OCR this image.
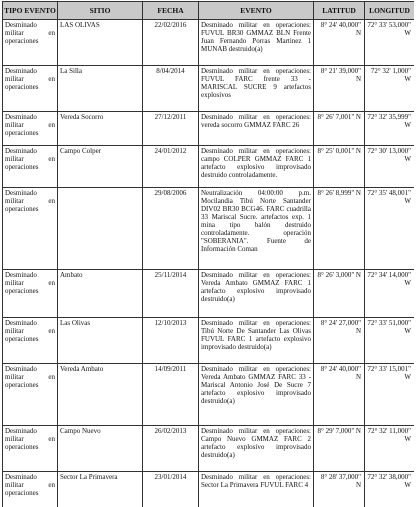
TIPO EVENTO	SITIO	FECHA	EVENTO	LATITUD	LONGITUD
Desminado militar en operaciones	LAS OLIVAS	22/02/2016	Desminado militar en operaciones: FUVUL BR30 GMMAZ BLN Frente Juan Fernando Porras Martinez 1 MUNAB destruido(a)	8° 24' 40,000" N	72° 33' 53,000" W
Desminado militar en operaciones	La Silla	8/04/2014	Desminado militar en operaciones: FUVUL FARC frente 33 - MARISCAL SUCRE 9 artefactos explosivos	8° 21' 39,000" N	72° 32' 1,000" W
Desminado militar en operaciones	Vereda Socorro	27/12/2011	Desminado militar en operaciones: vereda socorro GMMAZ FARC 26	8° 26' 7,001" N	72° 32' 35,999" W
Desminado militar en operaciones	Campo Colper	24/01/2012	Desminado militar en operaciones: campo COLPER GMMAZ FARC 1 artefacto explosivo improvisado destruido controladamente.	8° 25' 0,001" N	72° 30' 13,000" W
Desminado militar en operaciones		29/08/2006	Neutralización 04:00:00 p.m. Mocilandia Tibú Norte Santander DIV02 BR30 BCG46. FARC cuadrilla 33 Mariscal Sucre. artefactos exp. 1 mina tipo balón destruido controladamente. operación "SOBERANIA". Fuente de Información Coman	8° 26' 8,999" N	72° 35' 48,001" W
Desminado militar en operaciones	Ambato	25/11/2014	Desminado militar en operaciones: Vereda Ambato GMMAZ FARC 1 artefacto explosivo improvisado destruido(a)	8° 26' 3,000" N	72° 34' 14,000" W
Desminado militar en operaciones	Las Olivas	12/10/2013	Desminado militar en operaciones: Tibú Norte De Santander Las Olivas FUVUL FARC 1 artefacto explosivo improvisado destruido(a)	8° 24' 27,000" N	72° 33' 51,000" W
Desminado militar en operaciones	Vereda Ambato	14/09/2011	Desminado militar en operaciones: Vereda Ambato GMMAZ FARC 33 - Mariscal Antonio José De Sucre 7 artefacto explosivo improvisado destruido(a)	8° 24' 40,000" N	72° 33' 15,001" W
Desminado militar en operaciones	Campo Nuevo	26/02/2013	Desminado militar en operaciones: Campo Nuevo GMMAZ FARC 2 artefacto explosivo improvisado destruido(a)	8° 29' 7,000" N	72° 32' 11,000" W
Desminado militar en operaciones	Sector La Primavera	23/01/2014	Desminado militar en operaciones: Sector La Primavera FUVUL FARC 4	8° 28' 37,000" N	72° 32' 38,000" W
